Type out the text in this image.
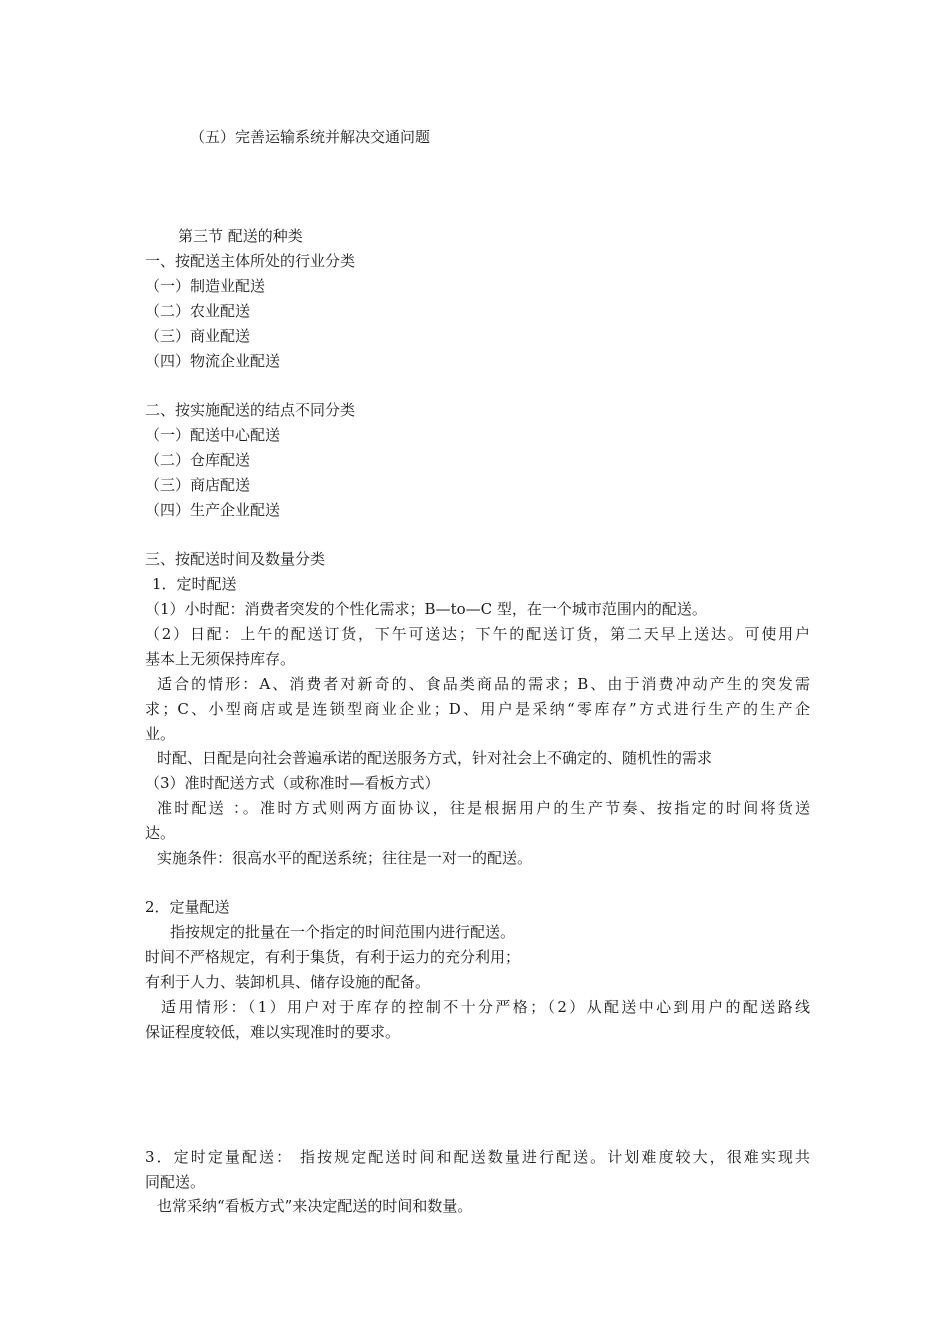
（五）完善运输系统并解决交通问题
第三节 配送的种类
一、按配送主体所处的行业分类
（一）制造业配送
（二）农业配送
（三）商业配送
（四）物流企业配送
二、按实施配送的结点不同分类
（一）配送中心配送
（二）仓库配送
（三）商店配送
（四）生产企业配送
三、按配送时间及数量分类
1．定时配送
（1）小时配：消费者突发的个性化需求；B—to—C 型，在一个城市范围内的配送。
（2）日配：上午的配送订货，下午可送达；下午的配送订货，第二天早上送达。可使用户
基本上无须保持库存。
适合的情形：A、消费者对新奇的、食品类商品的需求；B、由于消费冲动产生的突发需
求；C、小型商店或是连锁型商业企业；D、用户是采纳“零库存”方式进行生产的生产企
业。
时配、日配是向社会普遍承诺的配送服务方式，针对社会上不确定的、随机性的需求
（3）准时配送方式（或称准时—看板方式）
准时配送 ：。准时方式则两方面协议，往是根据用户的生产节奏、按指定的时间将货送
达。
实施条件：很高水平的配送系统；往往是一对一的配送。
2．定量配送
指按规定的批量在一个指定的时间范围内进行配送。
时间不严格规定，有利于集货，有利于运力的充分利用；
有利于人力、装卸机具、储存设施的配备。
适用情形：（1）用户对于库存的控制不十分严格；（2）从配送中心到用户的配送路线
保证程度较低，难以实现准时的要求。
3．定时定量配送： 指按规定配送时间和配送数量进行配送。计划难度较大，很难实现共
同配送。
也常采纳“看板方式”来决定配送的时间和数量。
